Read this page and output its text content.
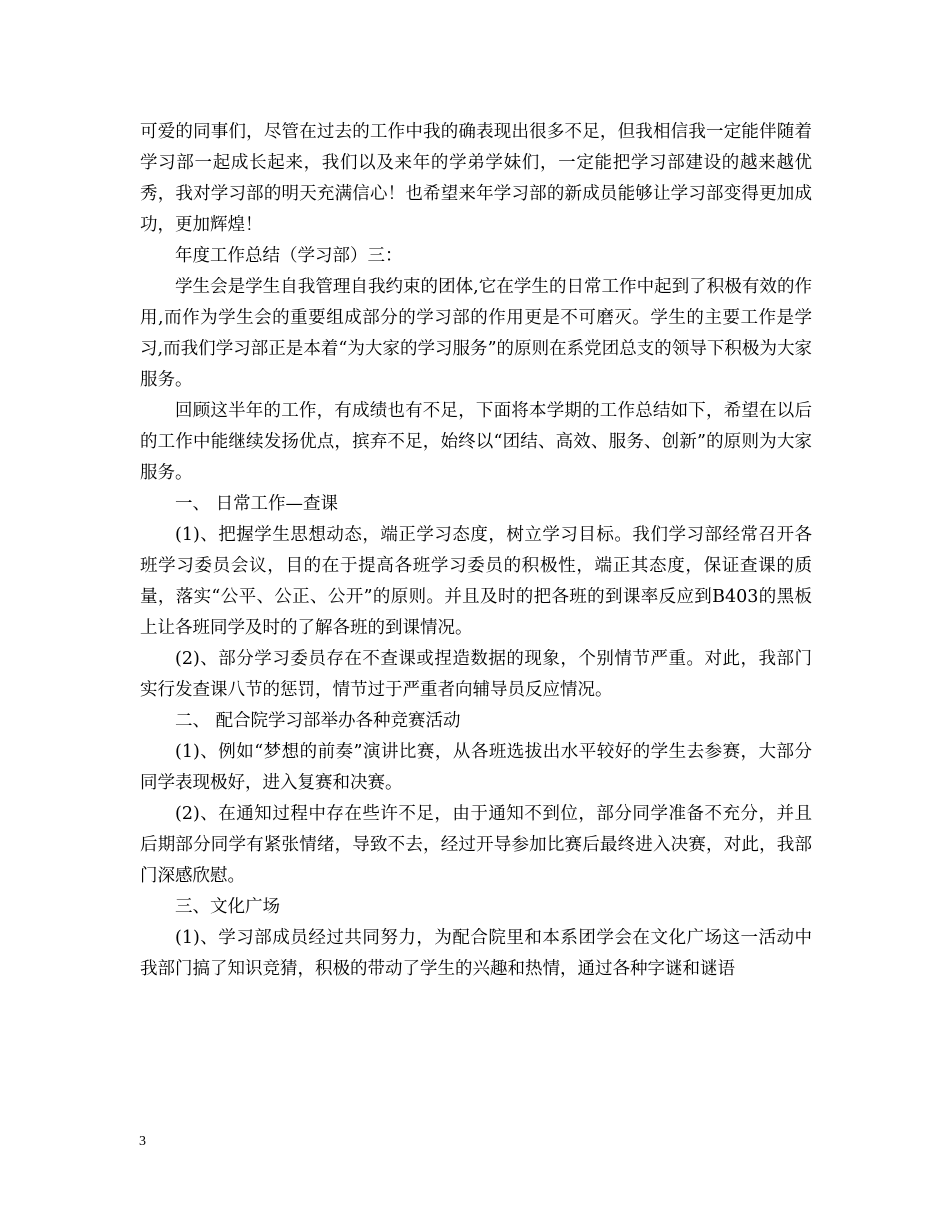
可爱的同事们，尽管在过去的工作中我的确表现出很多不足，但我相信我一定能伴随着学习部一起成长起来，我们以及来年的学弟学妹们，一定能把学习部建设的越来越优秀，我对学习部的明天充满信心！也希望来年学习部的新成员能够让学习部变得更加成功，更加辉煌！

年度工作总结（学习部）三：

学生会是学生自我管理自我约束的团体,它在学生的日常工作中起到了积极有效的作用,而作为学生会的重要组成部分的学习部的作用更是不可磨灭。学生的主要工作是学习,而我们学习部正是本着“为大家的学习服务”的原则在系党团总支的领导下积极为大家服务。

回顾这半年的工作，有成绩也有不足，下面将本学期的工作总结如下，希望在以后的工作中能继续发扬优点，摈弃不足，始终以“团结、高效、服务、创新”的原则为大家服务。

一、 日常工作—查课

(1)、把握学生思想动态，端正学习态度，树立学习目标。我们学习部经常召开各班学习委员会议，目的在于提高各班学习委员的积极性，端正其态度，保证查课的质量，落实“公平、公正、公开”的原则。并且及时的把各班的到课率反应到B403的黑板上让各班同学及时的了解各班的到课情况。

(2)、部分学习委员存在不查课或捏造数据的现象，个别情节严重。对此，我部门实行发查课八节的惩罚，情节过于严重者向辅导员反应情况。

二、 配合院学习部举办各种竞赛活动

(1)、例如“梦想的前奏”演讲比赛，从各班选拔出水平较好的学生去参赛，大部分同学表现极好，进入复赛和决赛。

(2)、在通知过程中存在些许不足，由于通知不到位，部分同学准备不充分，并且后期部分同学有紧张情绪，导致不去，经过开导参加比赛后最终进入决赛，对此，我部门深感欣慰。

三、文化广场

(1)、学习部成员经过共同努力，为配合院里和本系团学会在文化广场这一活动中我部门搞了知识竞猜，积极的带动了学生的兴趣和热情，通过各种字谜和谜语

3
